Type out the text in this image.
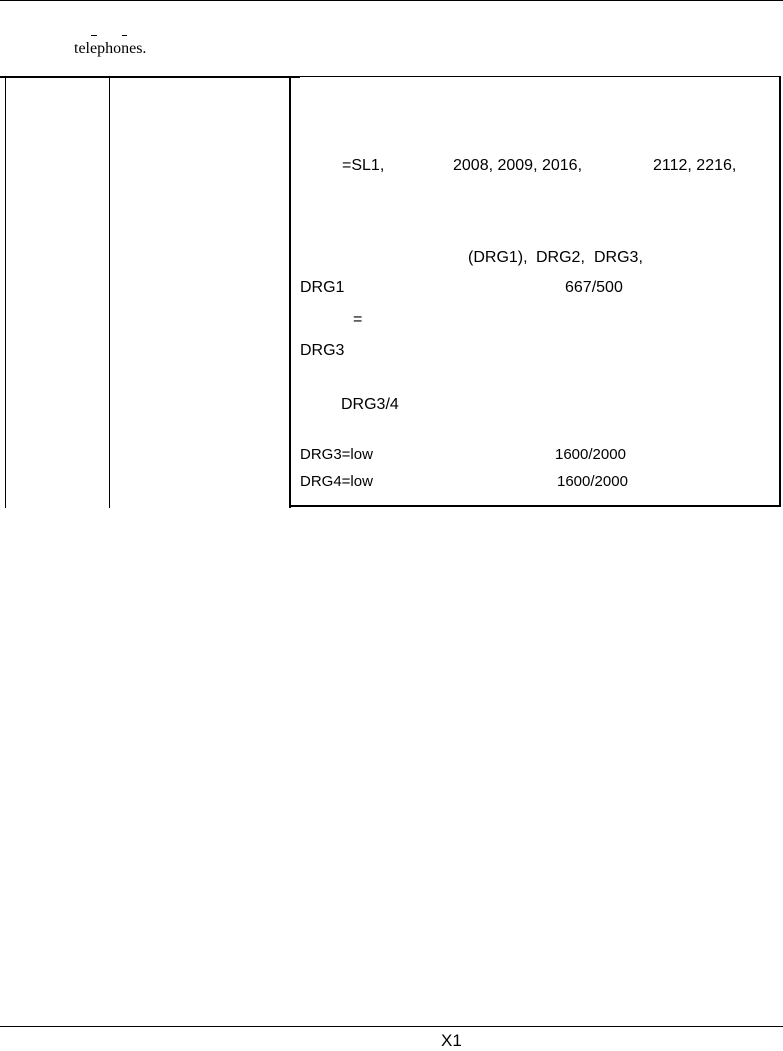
telephones.
=SL1,	2008, 2009, 2016,	2112, 2216,
(DRG1), DRG2, DRG3,
DRG1	667/500
=
DRG3
DRG3/4
DRG3=low	1600/2000
DRG4=low	1600/2000
X1
